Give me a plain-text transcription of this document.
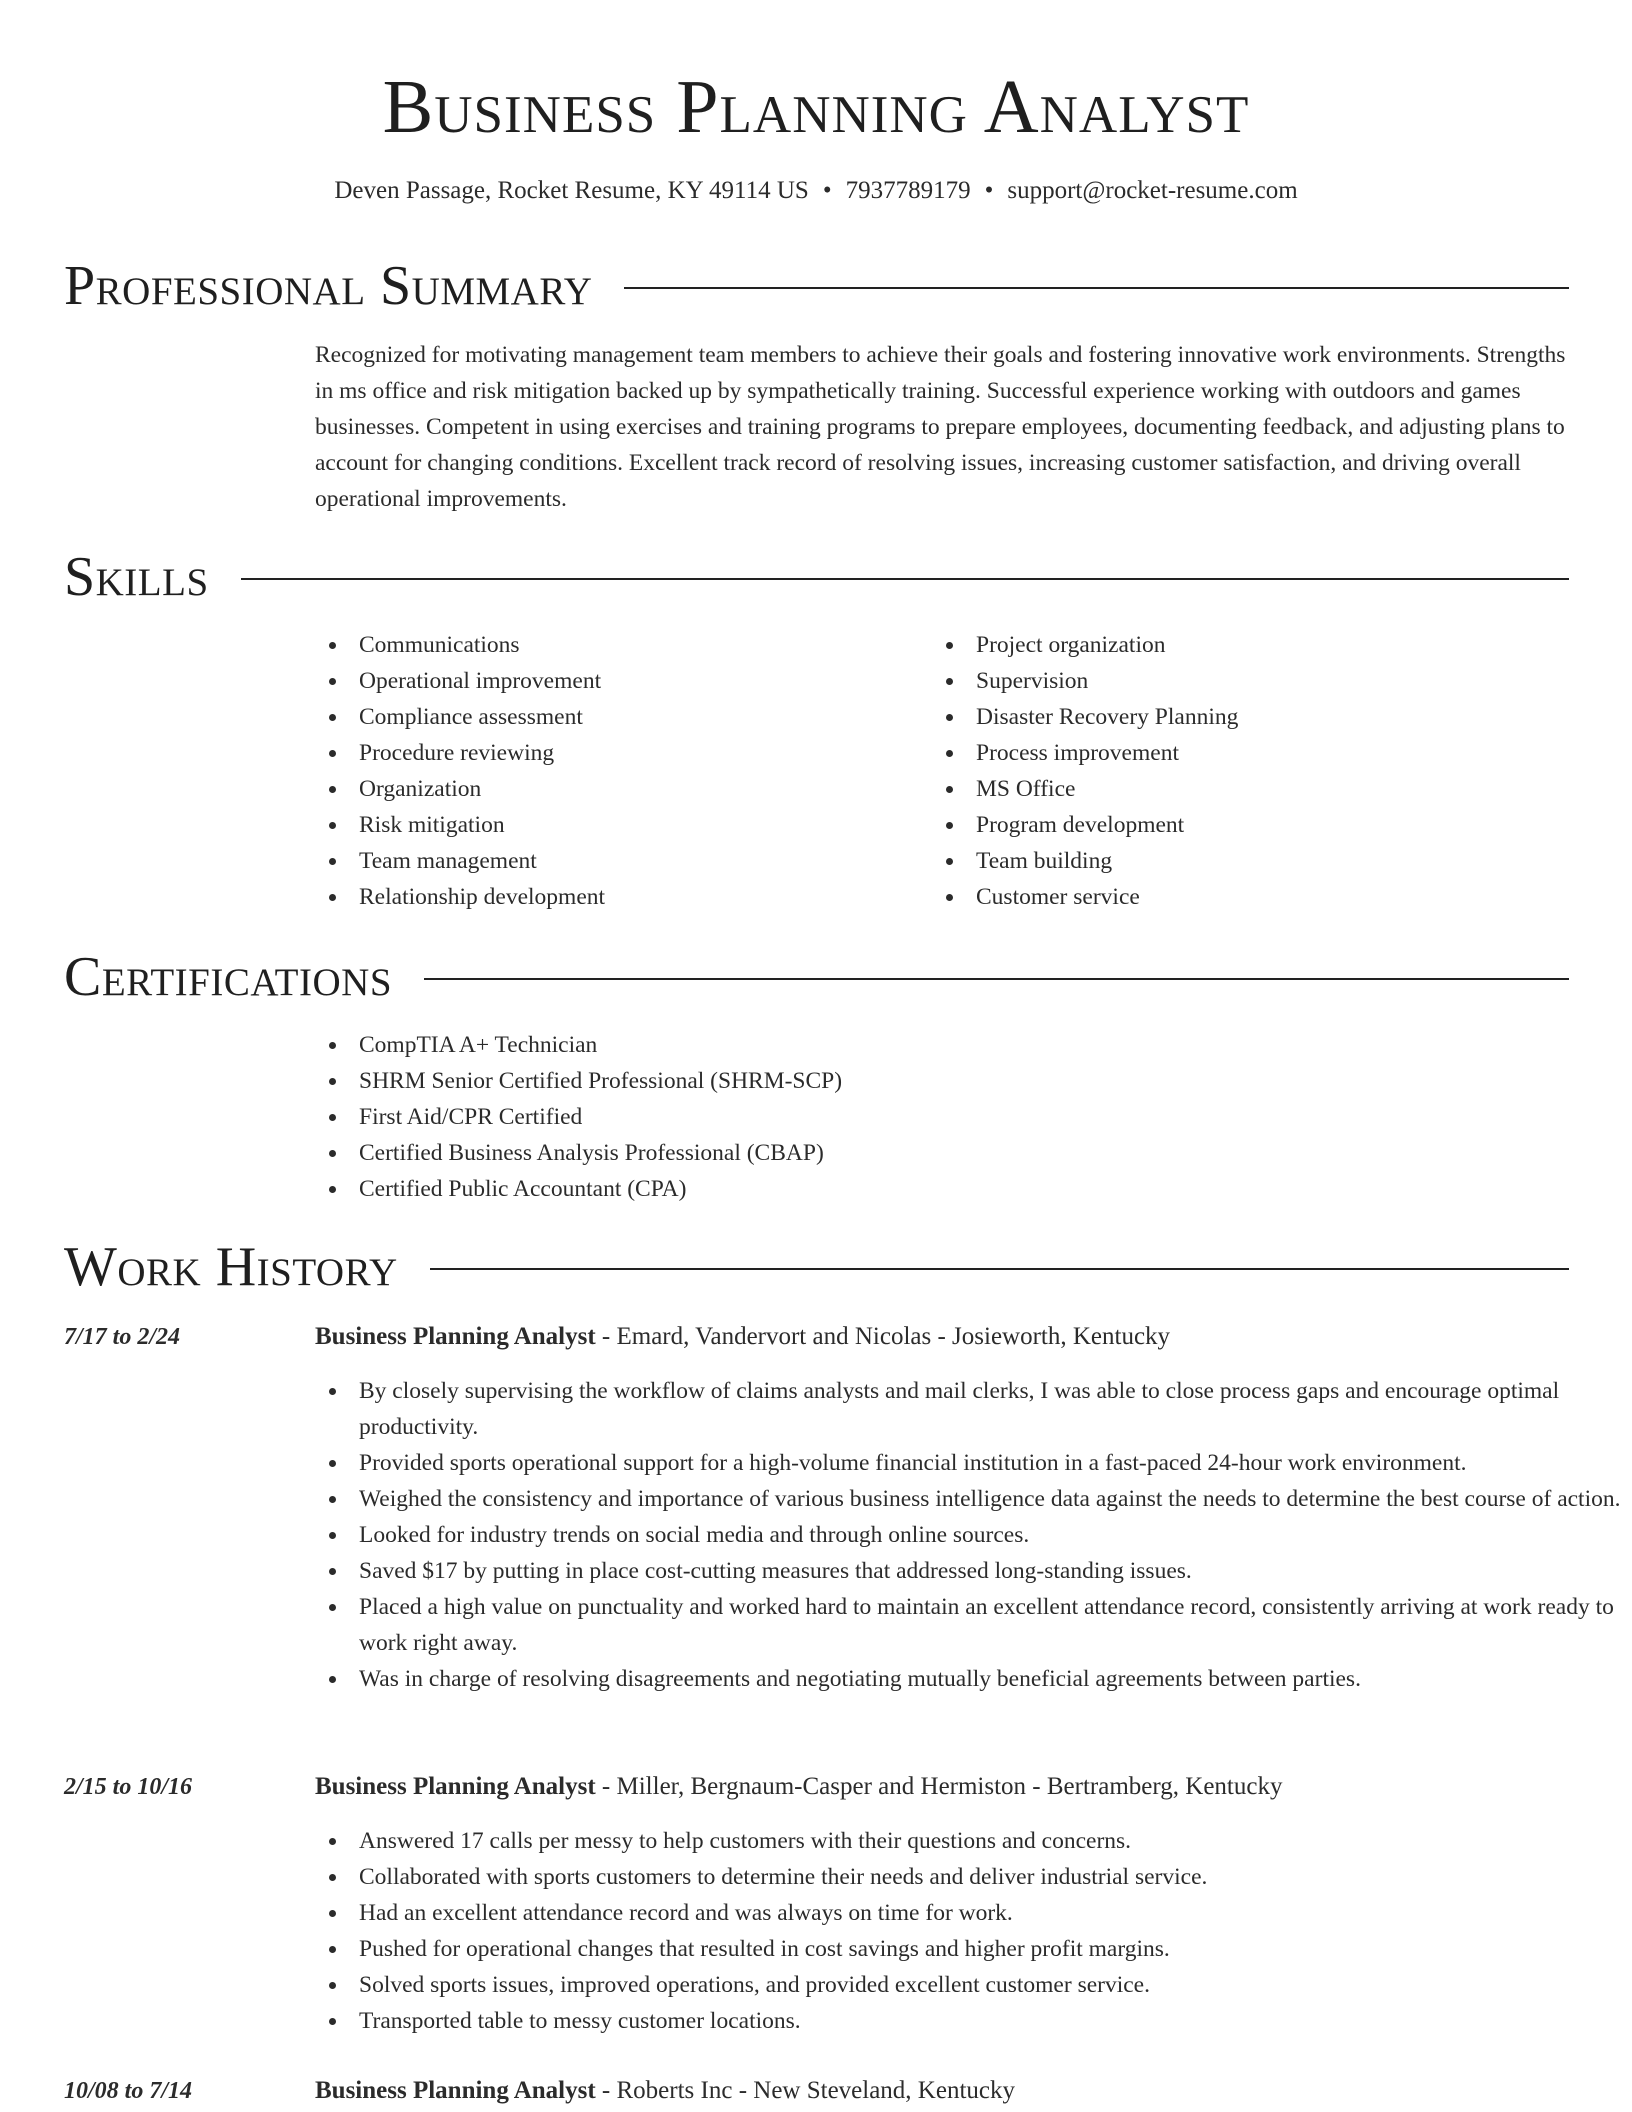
Business Planning Analyst
Deven Passage, Rocket Resume, KY 49114 US • 7937789179 • support@rocket-resume.com
Professional Summary
Recognized for motivating management team members to achieve their goals and fostering innovative work environments. Strengths in ms office and risk mitigation backed up by sympathetically training. Successful experience working with outdoors and games businesses. Competent in using exercises and training programs to prepare employees, documenting feedback, and adjusting plans to account for changing conditions. Excellent track record of resolving issues, increasing customer satisfaction, and driving overall operational improvements.
Skills
Communications
Operational improvement
Compliance assessment
Procedure reviewing
Organization
Risk mitigation
Team management
Relationship development
Project organization
Supervision
Disaster Recovery Planning
Process improvement
MS Office
Program development
Team building
Customer service
Certifications
CompTIA A+ Technician
SHRM Senior Certified Professional (SHRM-SCP)
First Aid/CPR Certified
Certified Business Analysis Professional (CBAP)
Certified Public Accountant (CPA)
Work History
7/17 to 2/24	Business Planning Analyst - Emard, Vandervort and Nicolas - Josieworth, Kentucky
By closely supervising the workflow of claims analysts and mail clerks, I was able to close process gaps and encourage optimal productivity.
Provided sports operational support for a high-volume financial institution in a fast-paced 24-hour work environment.
Weighed the consistency and importance of various business intelligence data against the needs to determine the best course of action.
Looked for industry trends on social media and through online sources.
Saved $17 by putting in place cost-cutting measures that addressed long-standing issues.
Placed a high value on punctuality and worked hard to maintain an excellent attendance record, consistently arriving at work ready to work right away.
Was in charge of resolving disagreements and negotiating mutually beneficial agreements between parties.
2/15 to 10/16	Business Planning Analyst - Miller, Bergnaum-Casper and Hermiston - Bertramberg, Kentucky
Answered 17 calls per messy to help customers with their questions and concerns.
Collaborated with sports customers to determine their needs and deliver industrial service.
Had an excellent attendance record and was always on time for work.
Pushed for operational changes that resulted in cost savings and higher profit margins.
Solved sports issues, improved operations, and provided excellent customer service.
Transported table to messy customer locations.
10/08 to 7/14	Business Planning Analyst - Roberts Inc - New Steveland, Kentucky
